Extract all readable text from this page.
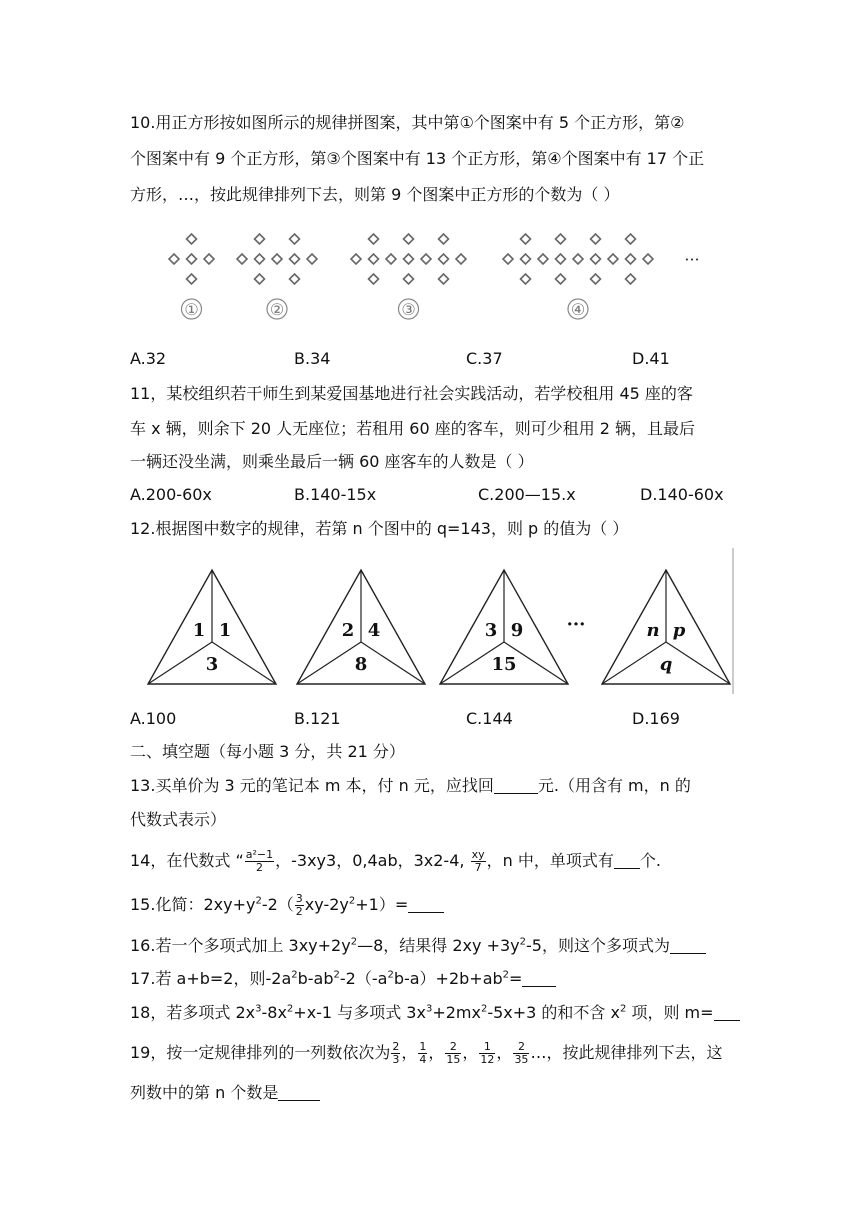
10.用正方形按如图所示的规律拼图案，其中第①个图案中有 5 个正方形，第②
个图案中有 9 个正方形，第③个图案中有 13 个正方形，第④个图案中有 17 个正
方形，…，按此规律排列下去，则第 9 个图案中正方形的个数为（ ）
①	②	③	④
···
A.32	B.34	C.37	D.41
11，某校组织若干师生到某爱国基地进行社会实践活动，若学校租用 45 座的客
车 x 辆，则余下 20 人无座位；若租用 60 座的客车，则可少租用 2 辆，且最后
一辆还没坐满，则乘坐最后一辆 60 座客车的人数是（ ）
A.200-60x	B.140-15x	C.200—15.x	D.140-60x
12.根据图中数字的规律，若第 n 个图中的 q=143，则 p 的值为（ ）
1 1
3
2 4
8
3 9
15
n p
q
···
A.100	B.121	C.144	D.169
二、填空题（每小题 3 分，共 21 分）
13.买单价为 3 元的笔记本 m 本，付 n 元，应找回	元.（用含有 m，n 的
代数式表示）
14，在代数式 “ $\frac{\text{a²−1}}{2}$ ，-3xy3，0,4ab，3x2-4, $\frac{xy}{7}$ ，n 中，单项式有 个.
15.化简：$2xy+y^2-2( \frac{3}{2} xy-2y^2+1)=$
16.若一个多项式加上 $3xy+2y^2—8$，结果得 $2xy +3y^2-5$，则这个多项式为
17.若 a+b=2，则$-2a^2b-ab^2-2(-a^2b-a)+2b+ab^2=$
18，若多项式 $2x^3-8x^2+x-1$ 与多项式 $3x^3+2mx^2-5x+3$ 的和不含 $x^2$ 项，则 m=
19，按一定规律排列的一列数依次为 $\frac{2}{3}$ ， $\frac{1}{4}$ ， $\frac{2}{15}$ ， $\frac{1}{12}$ ， $\frac{2}{35}$ …，按此规律排列下去，这
列数中的第 n 个数是
